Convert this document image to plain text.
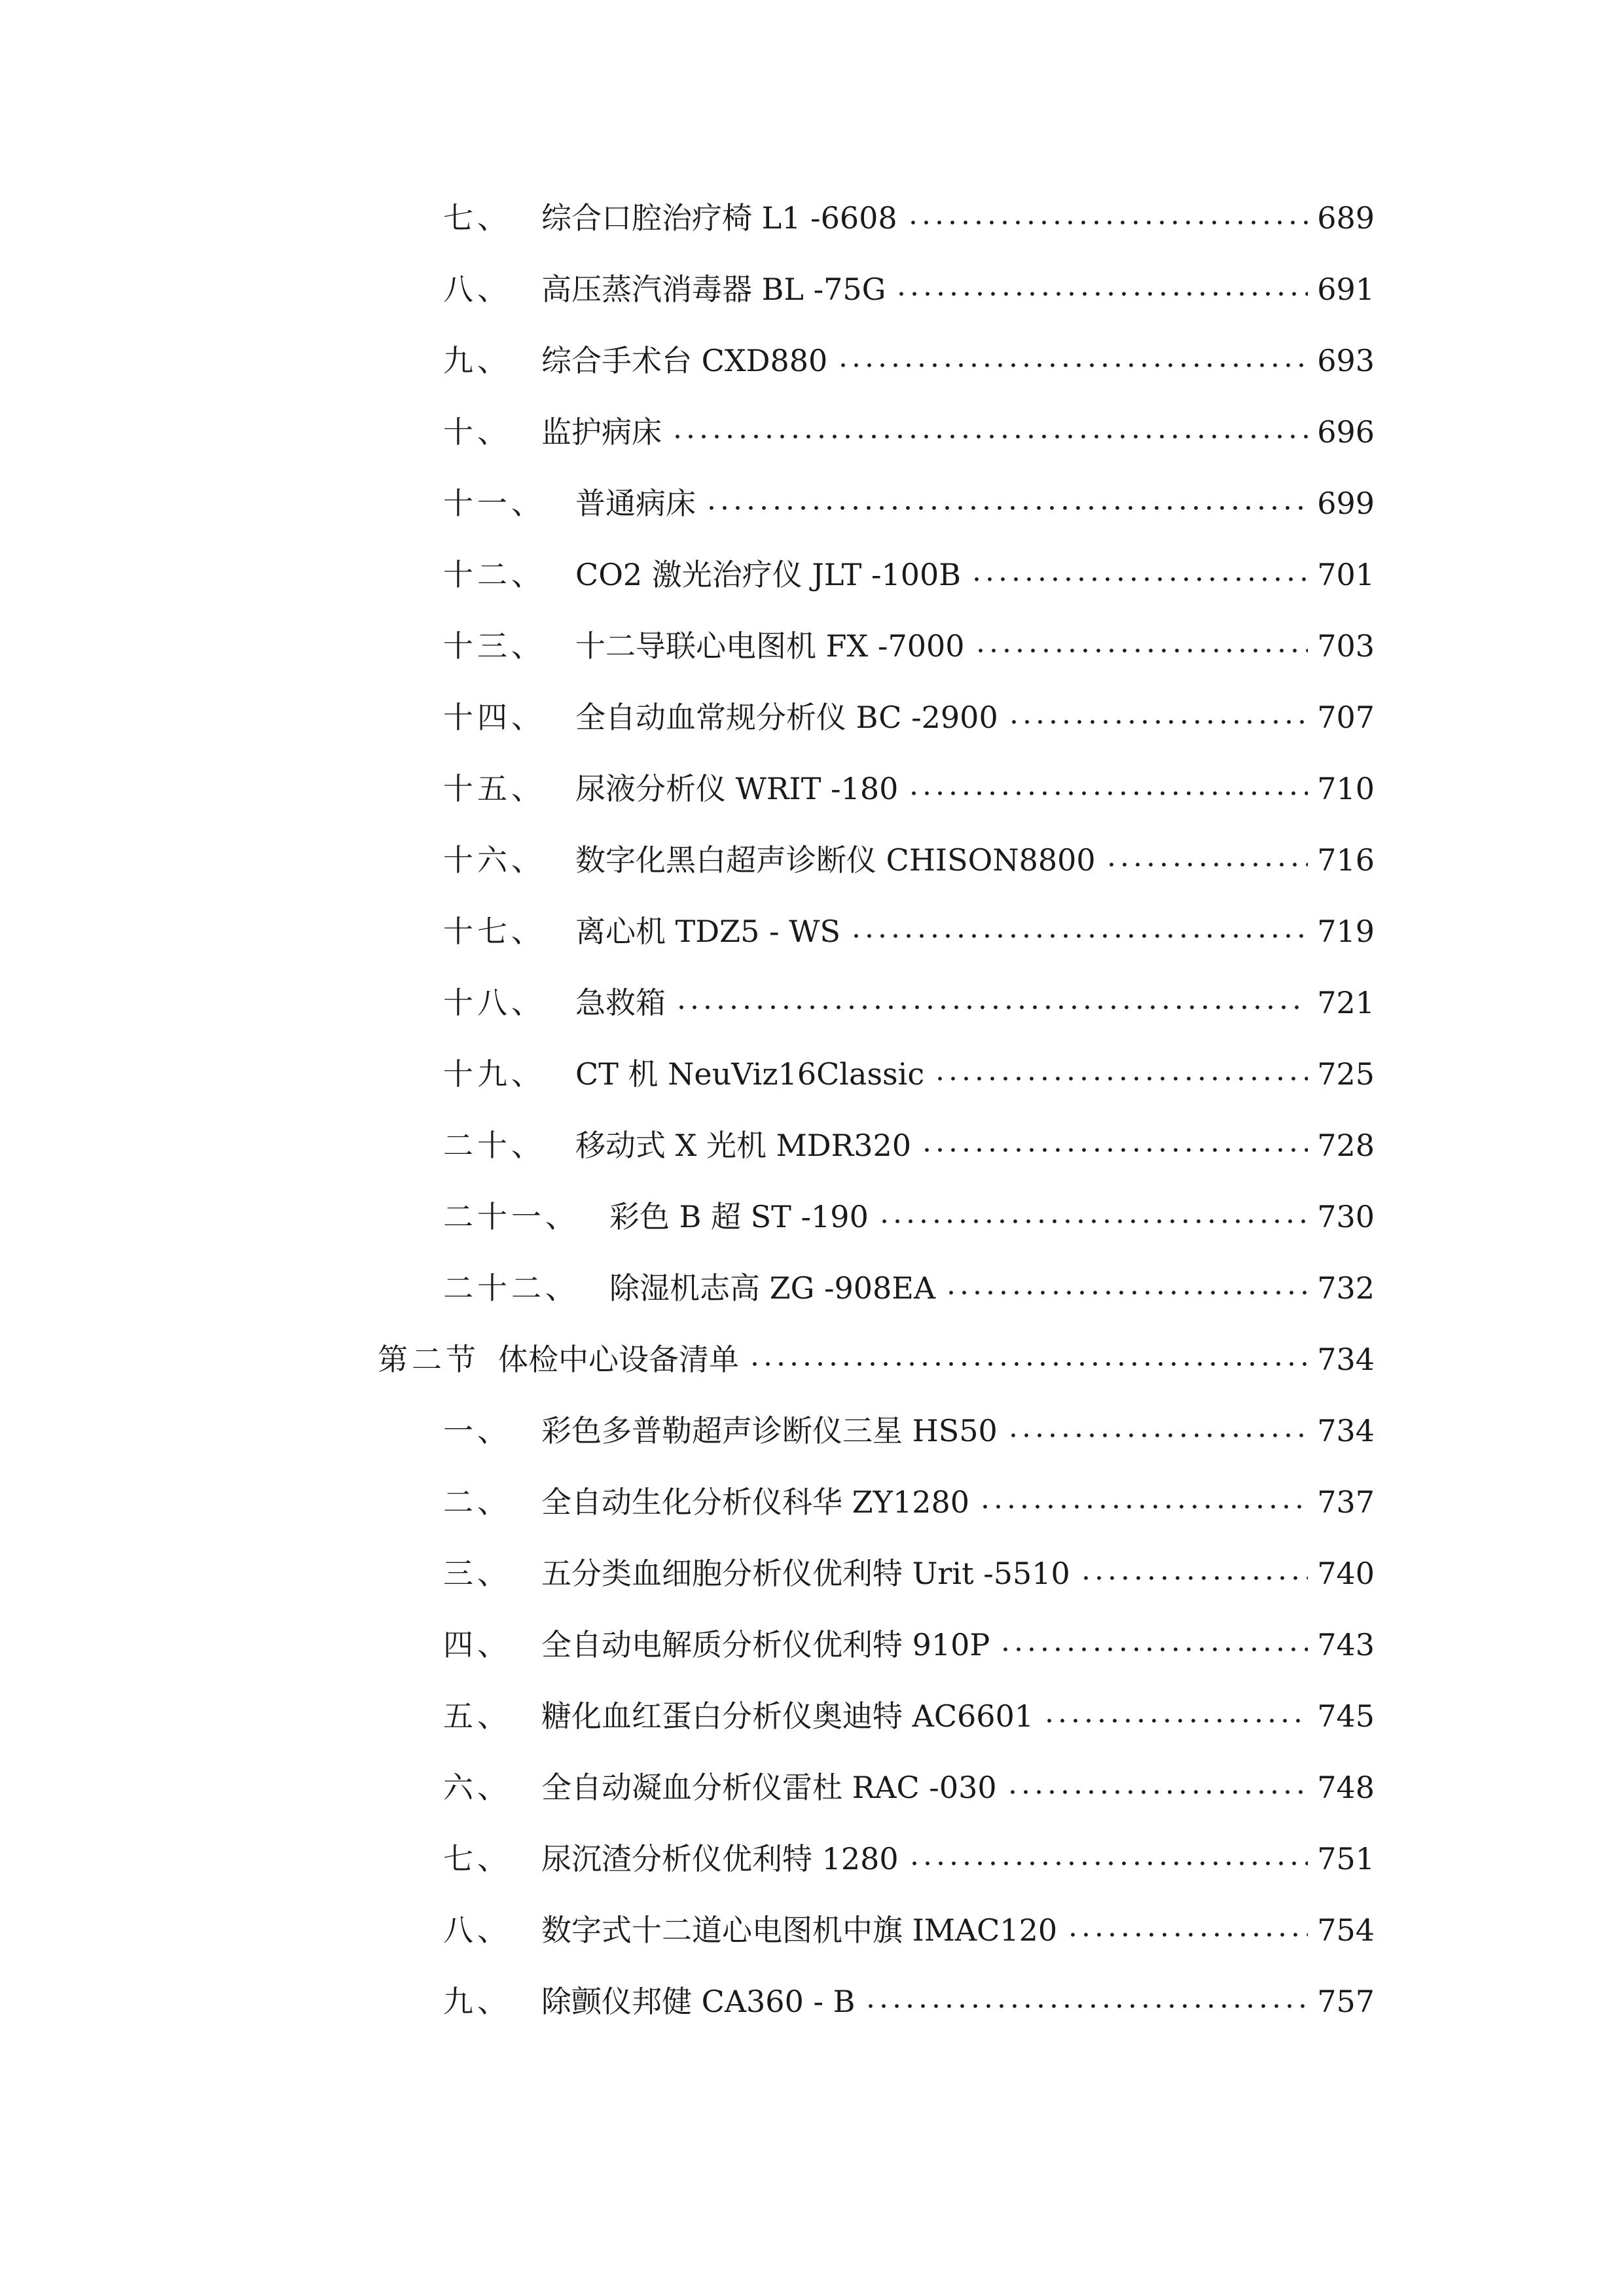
七、 综合口腔治疗椅 L1 -6608	689
八、 高压蒸汽消毒器 BL -75G	691
九、 综合手术台 CXD880	693
十、 监护病床	696
十一、 普通病床	699
十二、 CO2 激光治疗仪 JLT -100B	701
十三、 十二导联心电图机 FX -7000	703
十四、 全自动血常规分析仪 BC -2900	707
十五、 尿液分析仪 WRIT -180	710
十六、 数字化黑白超声诊断仪 CHISON8800	716
十七、 离心机 TDZ5 - WS	719
十八、 急救箱	721
十九、 CT 机 NeuViz16Classic	725
二十、 移动式 X 光机 MDR320	728
二十一、 彩色 B 超 ST -190	730
二十二、 除湿机志高 ZG -908EA	732
第二节 体检中心设备清单	734
一、 彩色多普勒超声诊断仪三星 HS50	734
二、 全自动生化分析仪科华 ZY1280	737
三、 五分类血细胞分析仪优利特 Urit -5510	740
四、 全自动电解质分析仪优利特 910P	743
五、 糖化血红蛋白分析仪奥迪特 AC6601	745
六、 全自动凝血分析仪雷杜 RAC -030	748
七、 尿沉渣分析仪优利特 1280	751
八、 数字式十二道心电图机中旗 IMAC120	754
九、 除颤仪邦健 CA360 - B	757
